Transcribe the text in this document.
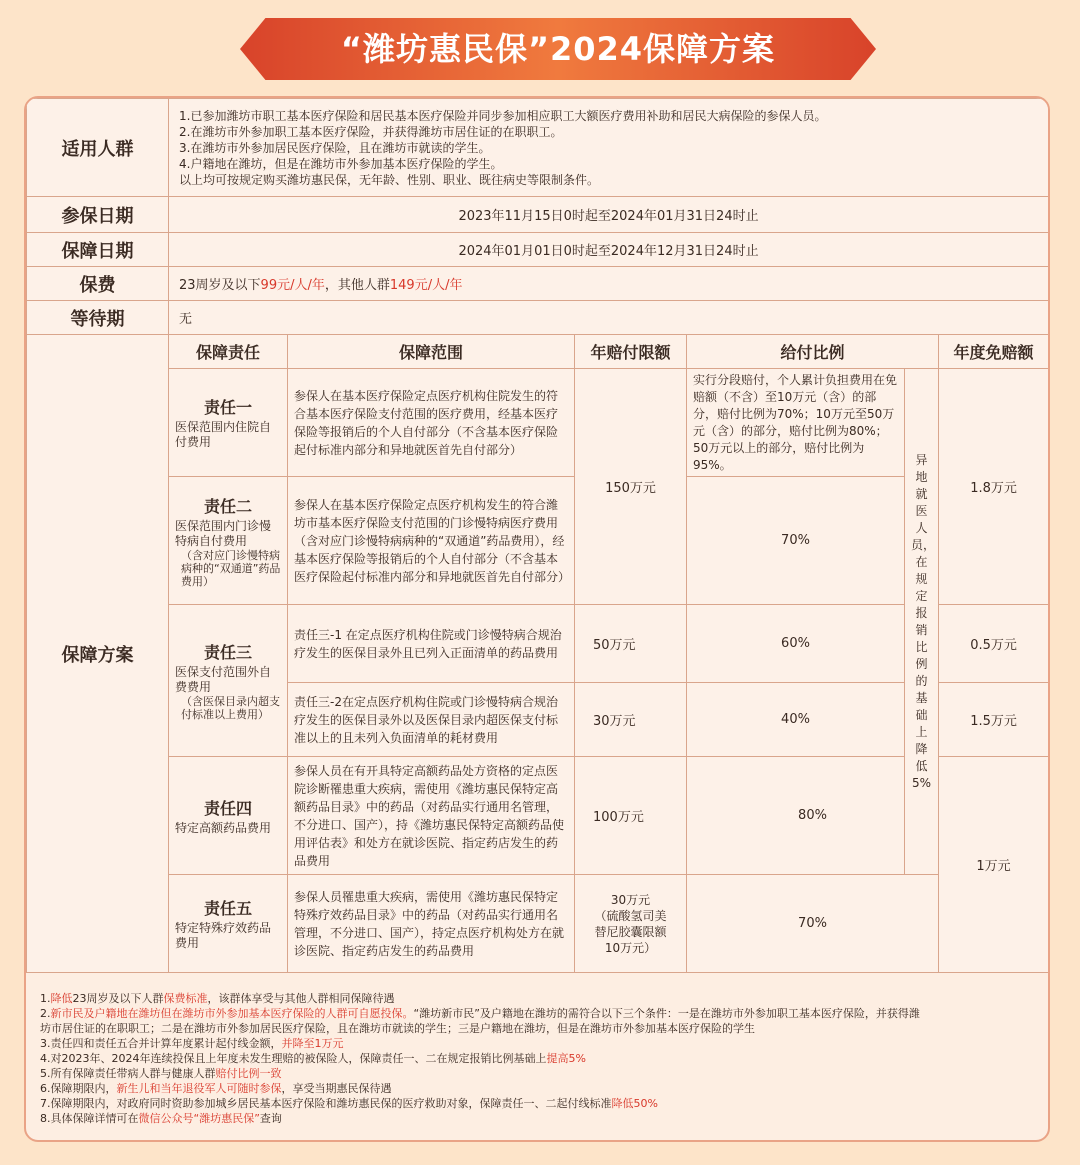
“潍坊惠民保”2024保障方案
适用人群	1.已参加潍坊市职工基本医疗保险和居民基本医疗保险并同步参加相应职工大额医疗费用补助和居民大病保险的参保人员。
2.在潍坊市外参加职工基本医疗保险，并获得潍坊市居住证的在职职工。
3.在潍坊市外参加居民医疗保险，且在潍坊市就读的学生。
4.户籍地在潍坊，但是在潍坊市外参加基本医疗保险的学生。
以上均可按规定购买潍坊惠民保，无年龄、性别、职业、既往病史等限制条件。					

参保日期	2023年11月15日0时起至2024年01月31日24时止					
保障日期	2024年01月01日0时起至2024年12月31日24时止					
保费	23周岁及以下99元/人/年，其他人群149元/人/年					
等待期	无					
保障方案	保障责任	保障范围	年赔付限额	给付比例		年度免赔额

	责任一
医保范围内住院自付费用	参保人在基本医疗保险定点医疗机构住院发生的符合基本医疗保险支付范围的医疗费用，经基本医疗保险等报销后的个人自付部分（不含基本医疗保险起付标准内部分和异地就医首先自付部分）	150万元	实行分段赔付，个人累计负担费用在免赔额（不含）至10万元（含）的部分，赔付比例为70%；10万元至50万元（含）的部分，赔付比例为80%；50万元以上的部分，赔付比例为95%。	异地就医人员，在规定报销比例的基础上降低5%	1.8万元

	责任二
医保范围内门诊慢特病自付费用
（含对应门诊慢特病病种的“双通道”药品费用）	参保人在基本医疗保险定点医疗机构发生的符合潍坊市基本医疗保险支付范围的门诊慢特病医疗费用（含对应门诊慢特病病种的“双通道”药品费用），经基本医疗保险等报销后的个人自付部分（不含基本医疗保险起付标准内部分和异地就医首先自付部分）		70%		

	责任三
医保支付范围外自费费用
（含医保目录内超支付标准以上费用）	责任三-1 在定点医疗机构住院或门诊慢特病合规治疗发生的医保目录外且已列入正面清单的药品费用	50万元	60%		0.5万元
		责任三-2在定点医疗机构住院或门诊慢特病合规治疗发生的医保目录外以及医保目录内超医保支付标准以上的且未列入负面清单的耗材费用	30万元	40%		1.5万元

	责任四
特定高额药品费用	参保人员在有开具特定高额药品处方资格的定点医院诊断罹患重大疾病，需使用《潍坊惠民保特定高额药品目录》中的药品（对药品实行通用名管理，不分进口、国产），持《潍坊惠民保特定高额药品使用评估表》和处方在就诊医院、指定药店发生的药品费用	100万元	80%		1万元

	责任五
特定特殊疗效药品费用	参保人员罹患重大疾病，需使用《潍坊惠民保特定特殊疗效药品目录》中的药品（对药品实行通用名管理，不分进口、国产），持定点医疗机构处方在就诊医院、指定药店发生的药品费用	30万元
（硫酸氢司美
替尼胶囊限额
10万元）	70%		
1.降低23周岁及以下人群保费标准，该群体享受与其他人群相同保障待遇
2.新市民及户籍地在潍坊但在潍坊市外参加基本医疗保险的人群可自愿投保。“潍坊新市民”及户籍地在潍坊的需符合以下三个条件：一是在潍坊市外参加职工基本医疗保险，并获得潍
坊市居住证的在职职工；二是在潍坊市外参加居民医疗保险，且在潍坊市就读的学生；三是户籍地在潍坊，但是在潍坊市外参加基本医疗保险的学生
3.责任四和责任五合并计算年度累计起付线金额，并降至1万元
4.对2023年、2024年连续投保且上年度未发生理赔的被保险人，保障责任一、二在规定报销比例基础上提高5%
5.所有保障责任带病人群与健康人群赔付比例一致
6.保障期限内，新生儿和当年退役军人可随时参保，享受当期惠民保待遇
7.保障期限内，对政府同时资助参加城乡居民基本医疗保险和潍坊惠民保的医疗救助对象，保障责任一、二起付线标准降低50%
8.具体保障详情可在微信公众号“潍坊惠民保”查询
